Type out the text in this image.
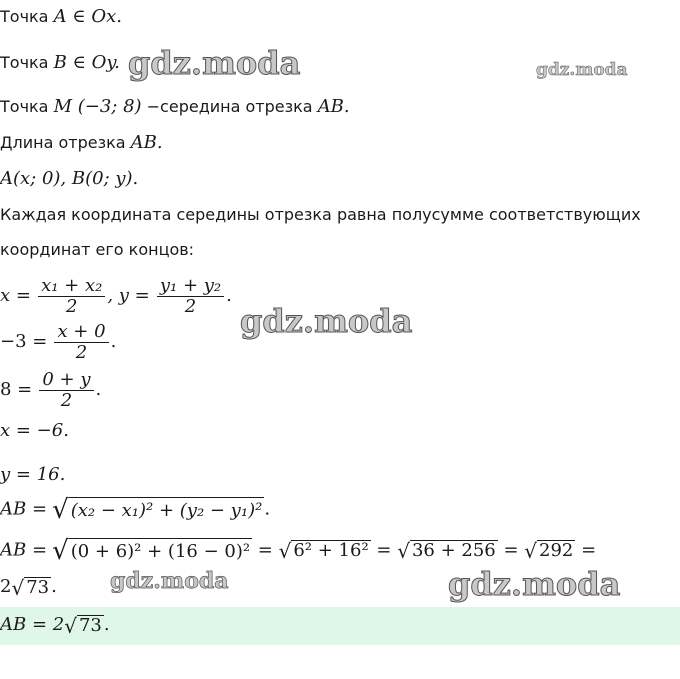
Точка A ∈ Ox.
Точка B ∈ Oy.
Точка M (−3; 8) −середина отрезка AB.
Длина отрезка AB.
A(x; 0), B(0; y).
Каждая координата середины отрезка равна полусумме соответствующих
координат его концов:
$x = \frac{\text{x₁ + x₂}}{2}$ , $y = \frac{\text{y₁ + y₂}}{2}$ .
$-3 = \frac{x + 0}{2}$ .
$8 = \frac{0 + y}{2}$ .
x = −6.
y = 16.
AB = √ (x₂ − x₁)² + (y₂ − y₁)² .
AB = √ (0 + 6)² + (16 − 0)² = √ 6² + 16² = √ 36 + 256 = √ 292 =
2 √ 73 .
AB = 2 √ 73 .
gdz.moda	gdz.moda
gdz.moda
gdz.moda	gdz.moda
